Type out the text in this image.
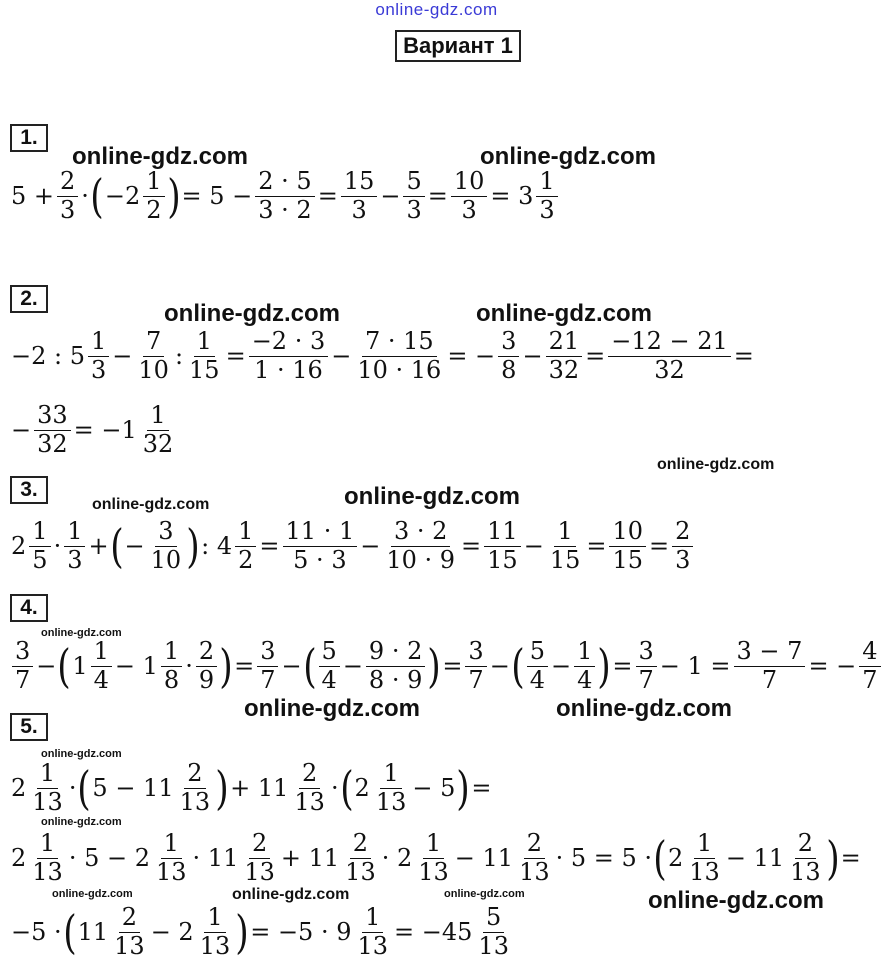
online-gdz.com
Вариант 1
1.
online-gdz.com	online-gdz.com
$5 + \frac{2}{3}$ · ( −2
1
2 ) = $5 - \frac{2 \cdot 5}{3 \cdot 2} = \frac{15}{3} - \frac{5}{3} = \frac{10}{3} = 3$
1
3
2.
online-gdz.com	online-gdz.com
−2 : 5
1
$3 - \frac{7}{10}$ : $\frac{1}{15} = \frac{-2 \cdot 3}{1 \cdot 16} - \frac{7 \cdot 15}{10 \cdot 16}$ = − $\frac{3}{8} - \frac{21}{32} = \frac{-12 - 21}{32}$ =
− $\frac{33}{32} = -1$
1
32
online-gdz.com
3.	online-gdz.com
online-gdz.com
2
1
5 ·
1
3 + ( − $\frac{3}{10}$ ) : $4 \frac{1}{2} = \frac{11 \cdot 1}{5 \cdot 3} - \frac{3 \cdot 2}{10 \cdot 9} = \frac{11}{15} - \frac{1}{15} = \frac{10}{15} = \frac{2}{3}$
4.
online-gdz.com
3
7 − ( 1
1
4 − 1
1
8 ·
2
9 ) = $\frac{3}{7}$ − ( 5
$4 - \frac{9 \cdot 2}{8 \cdot 9}$ ) = $\frac{3}{7}$ − ( 5
$4 - \frac{1}{4}$ ) = $\frac{3}{7} - 1 = \frac{3 - 7}{7}$ = − $\frac{4}{7}$
online-gdz.com	online-gdz.com
5.
online-gdz.com
2
1
13 · ( 5 − 11
2
13 ) + 11
2
13 · ( 2
1
13 − 5 ) =
online-gdz.com
2
1
13 · 5 − 2
1
13 · 11
2
13 + 11
2
13 · 2
1
13 − 11
2
13 · 5 = 5 · ( 2
1
13 − 11
2
13 ) =
online-gdz.com	online-gdz.com	online-gdz.com	online-gdz.com
−5 · ( 11
2
13 − 2
1
13 ) = $-5 \cdot 9 \frac{1}{13} = -45$
5
13
